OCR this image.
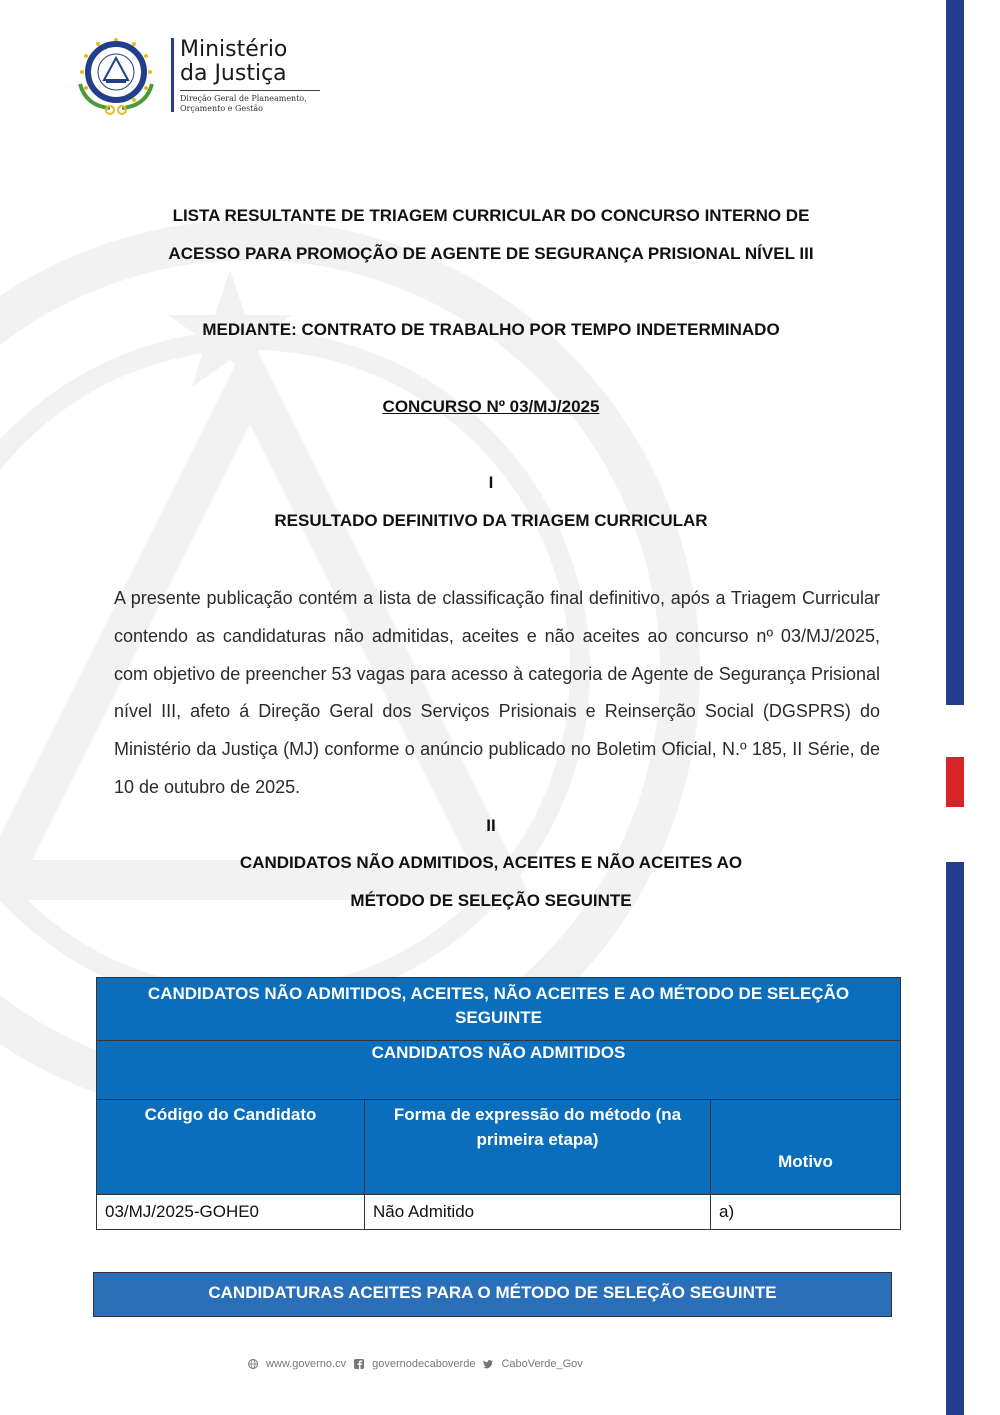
Ministério
da Justiça
Direção Geral de Planeamento,
Orçamento e Gestão
LISTA RESULTANTE DE TRIAGEM CURRICULAR DO CONCURSO INTERNO DE
ACESSO PARA PROMOÇÃO DE AGENTE DE SEGURANÇA PRISIONAL NÍVEL III
MEDIANTE: CONTRATO DE TRABALHO POR TEMPO INDETERMINADO
CONCURSO Nº 03/MJ/2025
I
RESULTADO DEFINITIVO DA TRIAGEM CURRICULAR
A presente publicação contém a lista de classificação final definitivo, após a Triagem Curricular contendo as candidaturas não admitidas, aceites e não aceites ao concurso nº 03/MJ/2025, com objetivo de preencher 53 vagas para acesso à categoria de Agente de Segurança Prisional nível III, afeto á Direção Geral dos Serviços Prisionais e Reinserção Social (DGSPRS) do Ministério da Justiça (MJ) conforme o anúncio publicado no Boletim Oficial, N.º 185, II Série, de 10 de outubro de 2025.
II
CANDIDATOS NÃO ADMITIDOS, ACEITES E NÃO ACEITES AO
MÉTODO DE SELEÇÃO SEGUINTE
CANDIDATOS NÃO ADMITIDOS, ACEITES, NÃO ACEITES E AO MÉTODO DE SELEÇÃO SEGUINTE		
CANDIDATOS NÃO ADMITIDOS		
Código do Candidato	Forma de expressão do método (na primeira etapa)	Motivo
03/MJ/2025-GOHE0	Não Admitido	a)
CANDIDATURAS ACEITES PARA O MÉTODO DE SELEÇÃO SEGUINTE
www.governo.cv governodecaboverde CaboVerde_Gov
